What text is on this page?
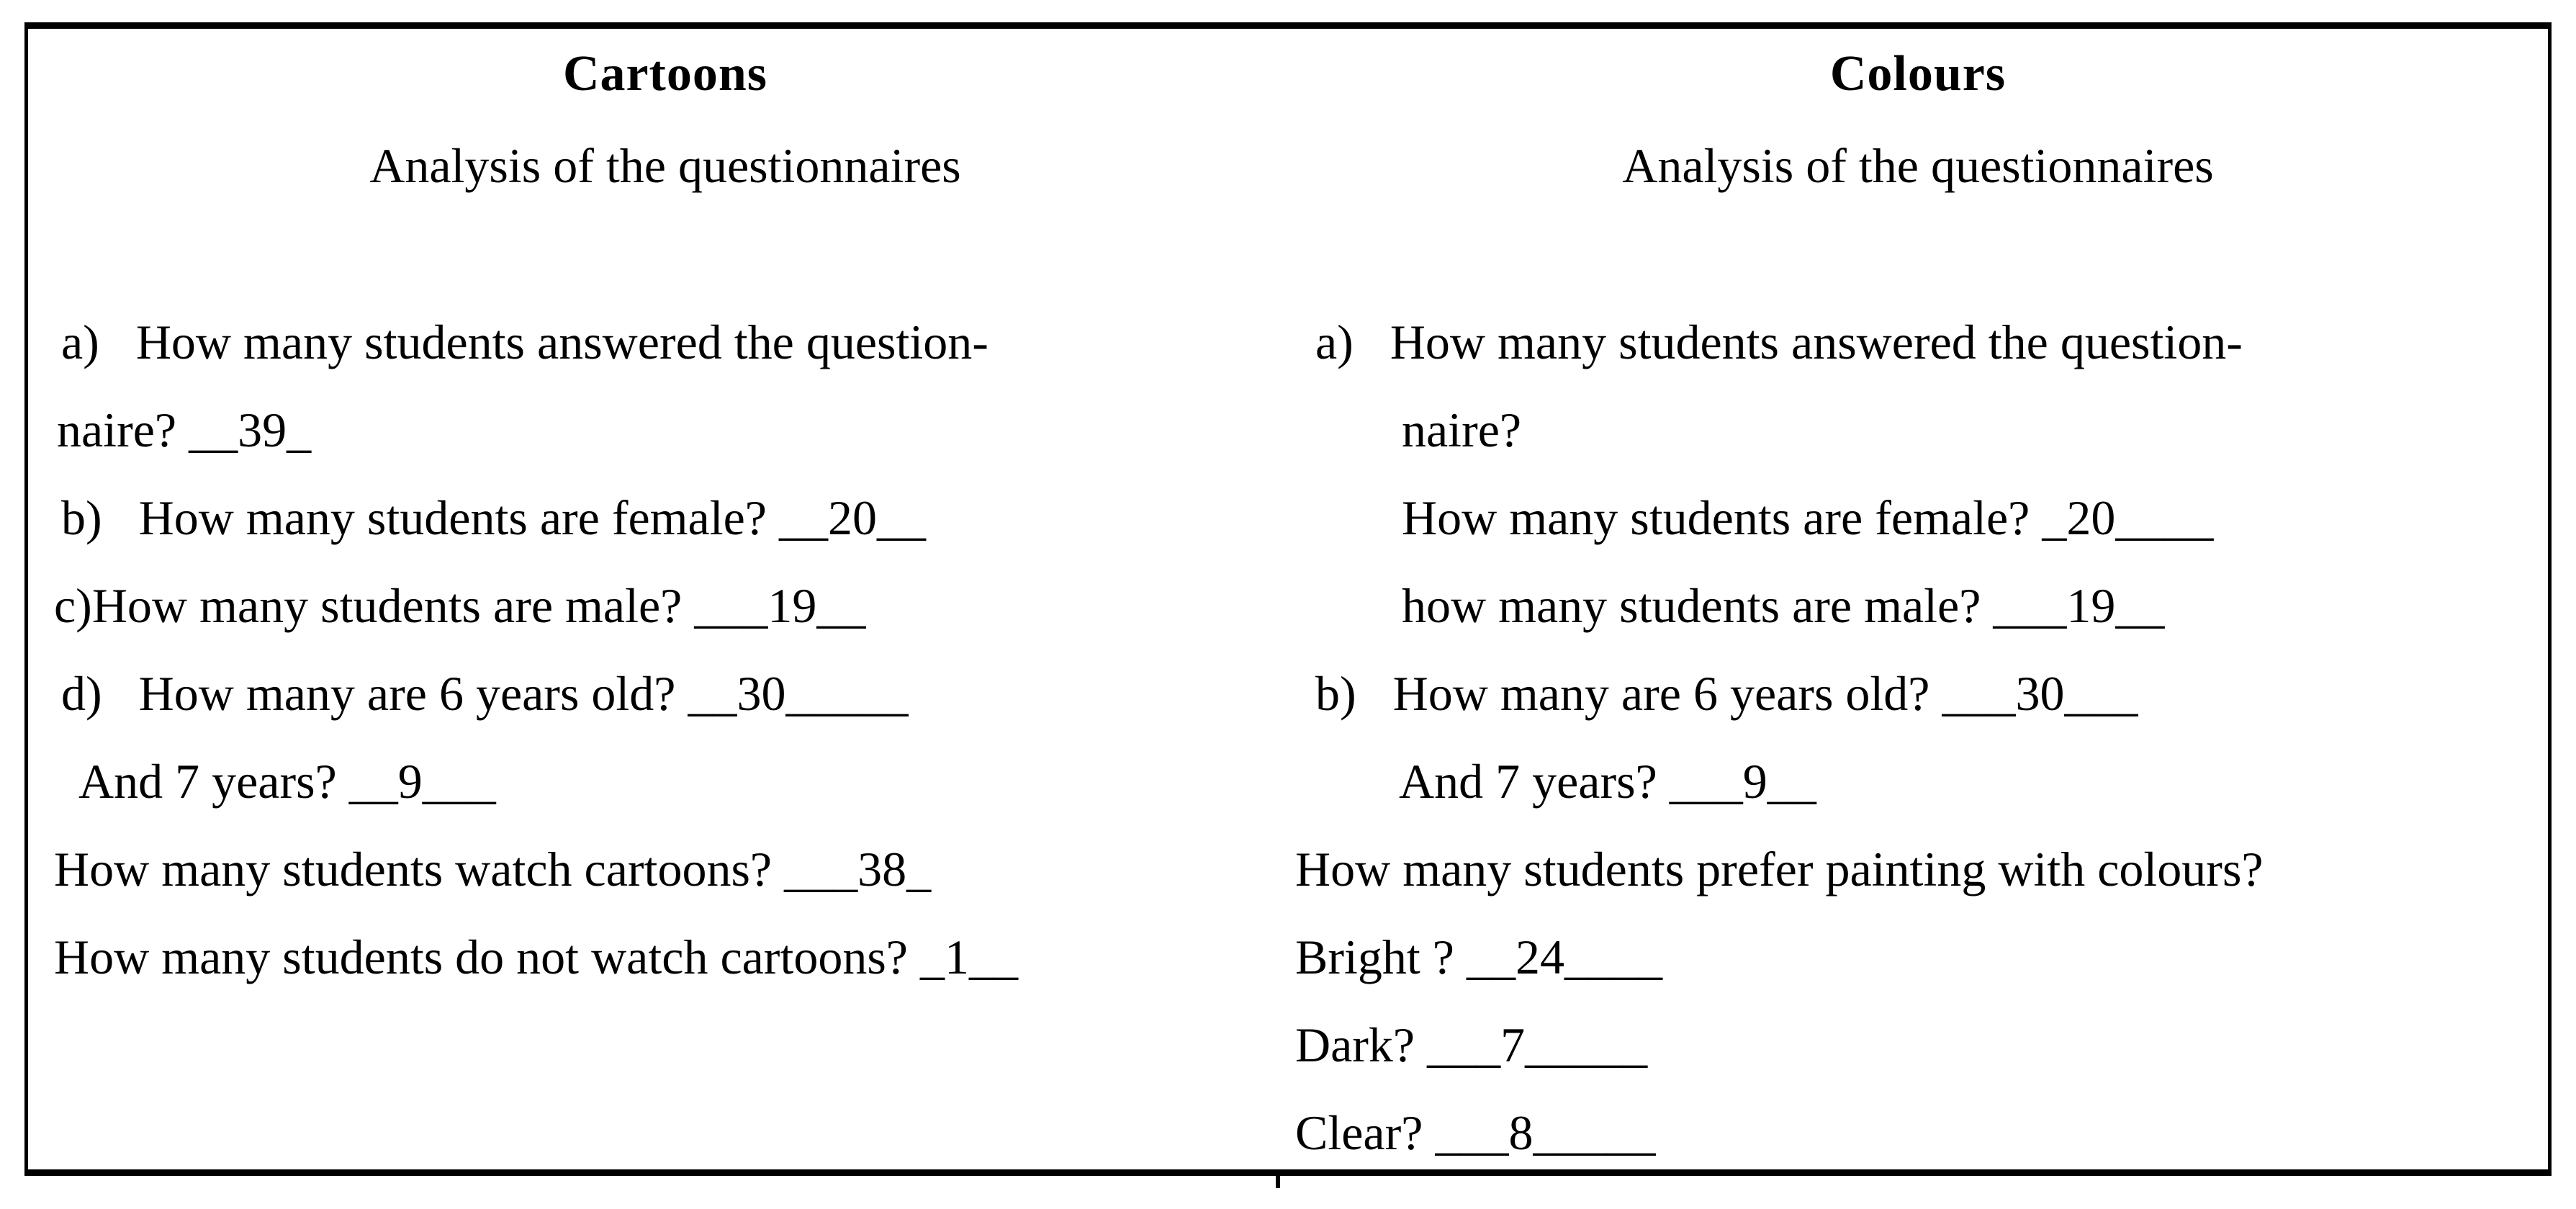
Cartoons
Analysis of the questionnaires
a)   How many students answered the question-
naire? __39_
b)   How many students are female? __20__
c)How many students are male? ___19__
d)   How many are 6 years old? __30_____
And 7 years? __9___
How many students watch cartoons? ___38_
How many students do not watch cartoons? _1__
Colours
Analysis of the questionnaires
a)   How many students answered the question-
naire?
How many students are female? _20____
how many students are male? ___19__
b)   How many are 6 years old? ___30___
And 7 years? ___9__
How many students prefer painting with colours?
Bright ? __24____
Dark? ___7_____
Clear? ___8_____
